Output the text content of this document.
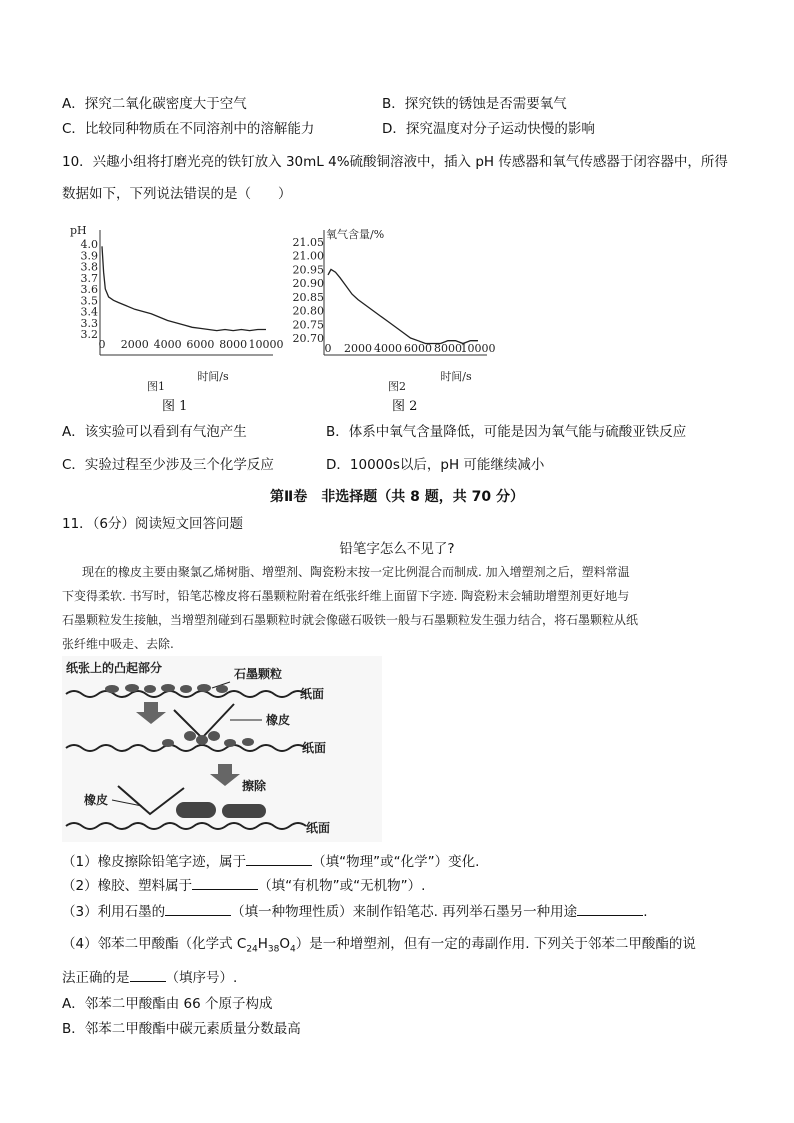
A．探究二氧化碳密度大于空气	B．探究铁的锈蚀是否需要氧气
C．比较同种物质在不同溶剂中的溶解能力	D．探究温度对分子运动快慢的影响
10．兴趣小组将打磨光亮的铁钉放入 30mL 4%硫酸铜溶液中，插入 pH 传感器和氧气传感器于闭容器中，所得
数据如下，下列说法错误的是（　　）
pH
4.0
3.9
3.8
3.7
3.6
3.5
3.4
3.3
3.2
0 2000 4000 6000 8000 10000
时间/s
图1
氧气含量/%
21.05
21.00
20.95
20.90
20.85
20.80
20.75
20.70
0 2000 4000 6000 8000
10000
时间/s
图2
图 1	图 2
A．该实验可以看到有气泡产生	B．体系中氧气含量降低，可能是因为氧气能与硫酸亚铁反应
C．实验过程至少涉及三个化学反应	D．10000s以后，pH 可能继续减小
第Ⅱ卷　非选择题（共 8 题，共 70 分）
11．（6分）阅读短文回答问题
铅笔字怎么不见了?
现在的橡皮主要由聚氯乙烯树脂、增塑剂、陶瓷粉末按一定比例混合而制成. 加入增塑剂之后，塑料常温
下变得柔软. 书写时，铅笔芯橡皮将石墨颗粒附着在纸张纤维上面留下字迹. 陶瓷粉末会辅助增塑剂更好地与
石墨颗粒发生接触，当增塑剂碰到石墨颗粒时就会像磁石吸铁一般与石墨颗粒发生强力结合，将石墨颗粒从纸
张纤维中吸走、去除.
纸张上的凸起部分	石墨颗粒
纸面
橡皮
纸面
擦除
橡皮
纸面
（1）橡皮擦除铅笔字迹，属于	（填“物理”或“化学”）变化.
（2）橡胶、塑料属于	（填“有机物”或“无机物”）.
（3）利用石墨的	（填一种物理性质）来制作铅笔芯. 再列举石墨另一种用途	.
（4）邻苯二甲酸酯（化学式 $C_{24}H_{38}O_4$）是一种增塑剂，但有一定的毒副作用. 下列关于邻苯二甲酸酯的说
法正确的是	（填序号）.
A．邻苯二甲酸酯由 66 个原子构成
B．邻苯二甲酸酯中碳元素质量分数最高
